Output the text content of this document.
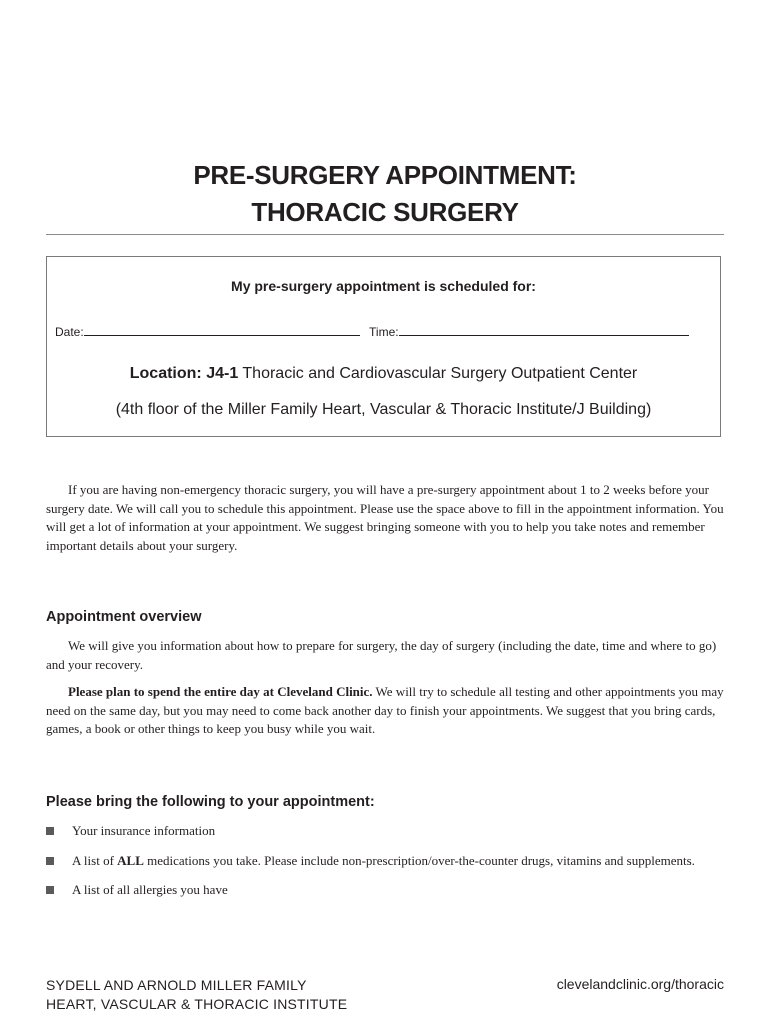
PRE-SURGERY APPOINTMENT:
THORACIC SURGERY
My pre-surgery appointment is scheduled for:
Date:	Time:
Location: J4-1 Thoracic and Cardiovascular Surgery Outpatient Center
(4th floor of the Miller Family Heart, Vascular & Thoracic Institute/J Building)

If you are having non-emergency thoracic surgery, you will have a pre-surgery appointment about 1 to 2 weeks before your surgery date. We will call you to schedule this appointment. Please use the space above to fill in the appointment information. You will get a lot of information at your appointment. We suggest bringing someone with you to help you take notes and remember important details about your surgery.

Appointment overview

We will give you information about how to prepare for surgery, the day of surgery (including the date, time and where to go) and your recovery.

Please plan to spend the entire day at Cleveland Clinic. We will try to schedule all testing and other appointments you may need on the same day, but you may need to come back another day to finish your appointments. We suggest that you bring cards, games, a book or other things to keep you busy while you wait.

Please bring the following to your appointment:
Your insurance information
A list of ALL medications you take. Please include non-prescription/over-the-counter drugs, vitamins and supplements.
A list of all allergies you have
SYDELL AND ARNOLD MILLER FAMILY
HEART, VASCULAR & THORACIC INSTITUTE
clevelandclinic.org/thoracic
